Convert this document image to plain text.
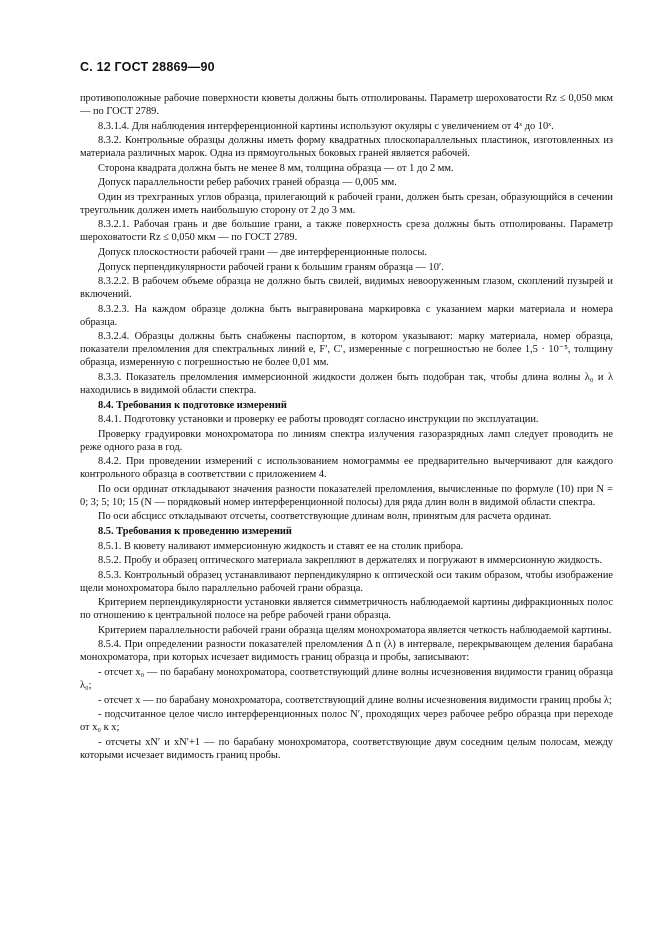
С. 12 ГОСТ 28869—90

противоположные рабочие поверхности кюветы должны быть отполированы. Параметр шероховатости Rz ≤ 0,050 мкм — по ГОСТ 2789.

8.3.1.4. Для наблюдения интерференционной картины используют окуляры с увеличением от 4ˣ до 10ˣ.

8.3.2. Контрольные образцы должны иметь форму квадратных плоскопараллельных пластинок, изготовленных из материала различных марок. Одна из прямоугольных боковых граней является рабочей.

Сторона квадрата должна быть не менее 8 мм, толщина образца — от 1 до 2 мм.

Допуск параллельности ребер рабочих граней образца — 0,005 мм.

Один из трехгранных углов образца, прилегающий к рабочей грани, должен быть срезан, образующийся в сечении треугольник должен иметь наибольшую сторону от 2 до 3 мм.

8.3.2.1. Рабочая грань и две большие грани, а также поверхность среза должны быть отполированы. Параметр шероховатости Rz ≤ 0,050 мкм — по ГОСТ 2789.

Допуск плоскостности рабочей грани — две интерференционные полосы.

Допуск перпендикулярности рабочей грани к большим граням образца — 10′.

8.3.2.2. В рабочем объеме образца не должно быть свилей, видимых невооруженным глазом, скоплений пузырей и включений.

8.3.2.3. На каждом образце должна быть выгравирована маркировка с указанием марки материала и номера образца.

8.3.2.4. Образцы должны быть снабжены паспортом, в котором указывают: марку материала, номер образца, показатели преломления для спектральных линий e, F′, C′, измеренные с погрешностью не более 1,5 · 10⁻⁵, толщину образца, измеренную с погрешностью не более 0,01 мм.

8.3.3. Показатель преломления иммерсионной жидкости должен быть подобран так, чтобы длина волны λ₀ и λ находились в видимой области спектра.

8.4. Требования к подготовке измерений

8.4.1. Подготовку установки и проверку ее работы проводят согласно инструкции по эксплуатации.

Проверку градуировки монохроматора по линиям спектра излучения газоразрядных ламп следует проводить не реже одного раза в год.

8.4.2. При проведении измерений с использованием номограммы ее предварительно вычерчивают для каждого контрольного образца в соответствии с приложением 4.

По оси ординат откладывают значения разности показателей преломления, вычисленные по формуле (10) при N = 0; 3; 5; 10; 15 (N — порядковый номер интерференционной полосы) для ряда длин волн в видимой области спектра.

По оси абсцисс откладывают отсчеты, соответствующие длинам волн, принятым для расчета ординат.

8.5. Требования к проведению измерений

8.5.1. В кювету наливают иммерсионную жидкость и ставят ее на столик прибора.

8.5.2. Пробу и образец оптического материала закрепляют в держателях и погружают в иммерсионную жидкость.

8.5.3. Контрольный образец устанавливают перпендикулярно к оптической оси таким образом, чтобы изображение щели монохроматора было параллельно рабочей грани образца.

Критерием перпендикулярности установки является симметричность наблюдаемой картины дифракционных полос по отношению к центральной полосе на ребре рабочей грани образца.

Критерием параллельности рабочей грани образца щелям монохроматора является четкость наблюдаемой картины.

8.5.4. При определении разности показателей преломления Δ n (λ) в интервале, перекрывающем деления барабана монохроматора, при которых исчезает видимость границ образца и пробы, записывают:

- отсчет x₀ — по барабану монохроматора, соответствующий длине волны исчезновения видимости границ образца λ₀;

- отсчет x — по барабану монохроматора, соответствующий длине волны исчезновения видимости границ пробы λ;

- подсчитанное целое число интерференционных полос N′, проходящих через рабочее ребро образца при переходе от x₀ к x;

- отсчеты xN′ и xN′+1 — по барабану монохроматора, соответствующие двум соседним целым полосам, между которыми исчезает видимость границ пробы.
